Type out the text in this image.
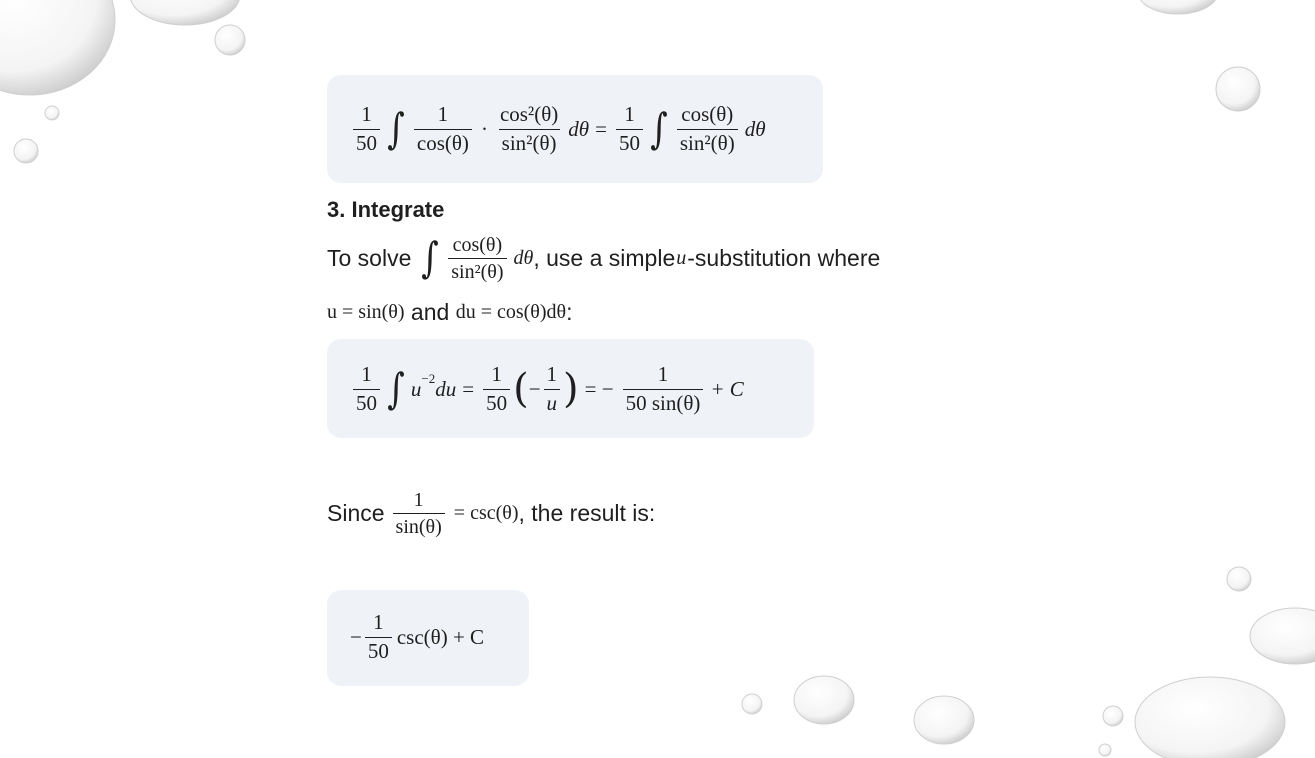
$\frac{1}{50}$ ∫ $\frac{1}{\cos(\theta)} \cdot \frac{\text{cos²(θ)}}{\text{sin²(θ)}}$ $d\theta = \frac{1}{50}$ ∫ $\frac{\cos(\theta)}{\text{sin²(θ)}}$ dθ
3. Integrate
To solve ∫ $\frac{\cos(\theta)}{\text{sin²(θ)}}$ dθ , use a simple u -substitution where
u = sin(θ) and du = cos(θ)dθ :
$\frac{1}{50}$ ∫ $u^{-2}$ du = $\frac{1}{50}$ ( − $\frac{1}{u}$ ) = − $\frac{1}{50 \sin(\theta)} + C$
Since $\frac{1}{\sin(\theta)} = \csc(\theta)$ , the result is:
− $\frac{1}{50} \csc(\theta) + C$
